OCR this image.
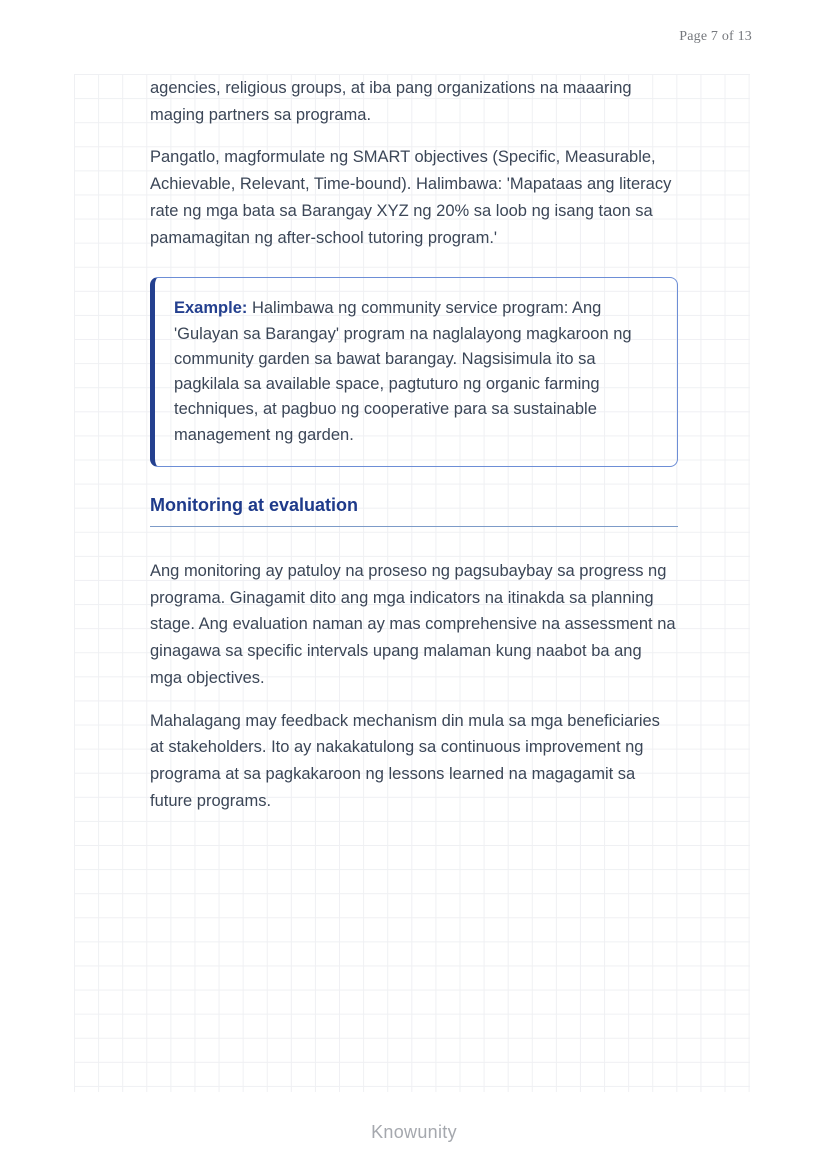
Page 7 of 13

agencies, religious groups, at iba pang organizations na maaaring maging partners sa programa.

Pangatlo, magformulate ng SMART objectives (Specific, Measurable, Achievable, Relevant, Time-bound). Halimbawa: 'Mapataas ang literacy rate ng mga bata sa Barangay XYZ ng 20% sa loob ng isang taon sa pamamagitan ng after-school tutoring program.'

Example: Halimbawa ng community service program: Ang 'Gulayan sa Barangay' program na naglalayong magkaroon ng community garden sa bawat barangay. Nagsisimula ito sa pagkilala sa available space, pagtuturo ng organic farming techniques, at pagbuo ng cooperative para sa sustainable management ng garden.
Monitoring at evaluation

Ang monitoring ay patuloy na proseso ng pagsubaybay sa progress ng programa. Ginagamit dito ang mga indicators na itinakda sa planning stage. Ang evaluation naman ay mas comprehensive na assessment na ginagawa sa specific intervals upang malaman kung naabot ba ang mga objectives.

Mahalagang may feedback mechanism din mula sa mga beneficiaries at stakeholders. Ito ay nakakatulong sa continuous improvement ng programa at sa pagkakaroon ng lessons learned na magagamit sa future programs.

Knowunity
